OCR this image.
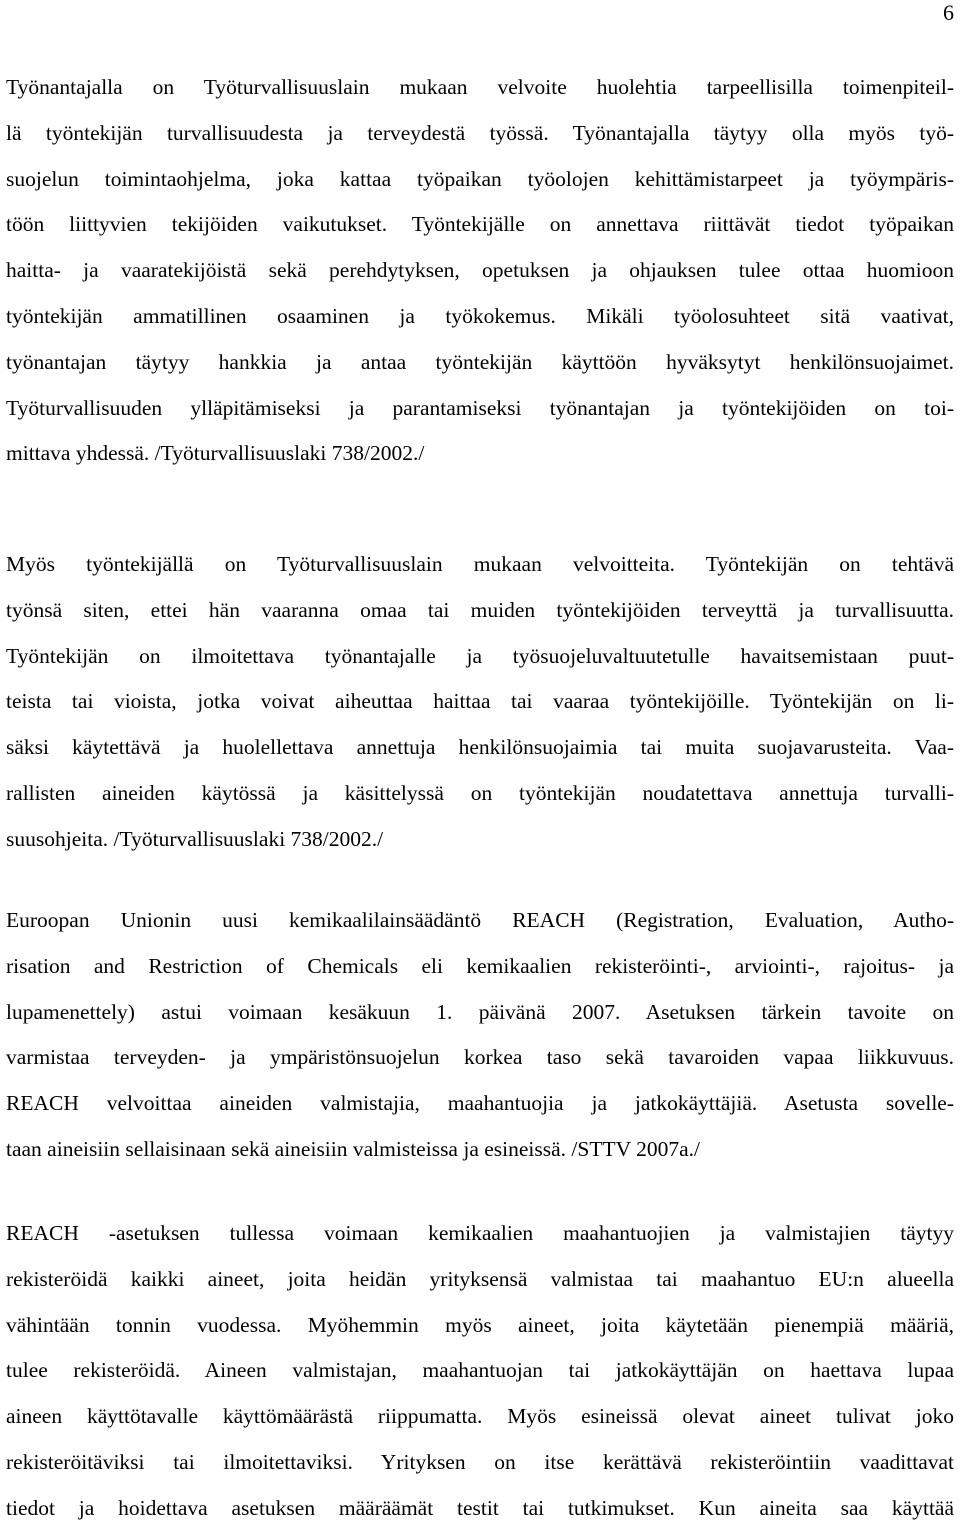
6
Työnantajalla on Työturvallisuuslain mukaan velvoite huolehtia tarpeellisilla toimenpiteil-
lä työntekijän turvallisuudesta ja terveydestä työssä. Työnantajalla täytyy olla myös työ-
suojelun toimintaohjelma, joka kattaa työpaikan työolojen kehittämistarpeet ja työympäris-
töön liittyvien tekijöiden vaikutukset. Työntekijälle on annettava riittävät tiedot työpaikan
haitta- ja vaaratekijöistä sekä perehdytyksen, opetuksen ja ohjauksen tulee ottaa huomioon
työntekijän ammatillinen osaaminen ja työkokemus. Mikäli työolosuhteet sitä vaativat,
työnantajan täytyy hankkia ja antaa työntekijän käyttöön hyväksytyt henkilönsuojaimet.
Työturvallisuuden ylläpitämiseksi ja parantamiseksi työnantajan ja työntekijöiden on toi-
mittava yhdessä. /Työturvallisuuslaki 738/2002./
Myös työntekijällä on Työturvallisuuslain mukaan velvoitteita. Työntekijän on tehtävä
työnsä siten, ettei hän vaaranna omaa tai muiden työntekijöiden terveyttä ja turvallisuutta.
Työntekijän on ilmoitettava työnantajalle ja työsuojeluvaltuutetulle havaitsemistaan puut-
teista tai vioista, jotka voivat aiheuttaa haittaa tai vaaraa työntekijöille. Työntekijän on li-
säksi käytettävä ja huolellettava annettuja henkilönsuojaimia tai muita suojavarusteita. Vaa-
rallisten aineiden käytössä ja käsittelyssä on työntekijän noudatettava annettuja turvalli-
suusohjeita. /Työturvallisuuslaki 738/2002./
Euroopan Unionin uusi kemikaalilainsäädäntö REACH (Registration, Evaluation, Autho-
risation and Restriction of Chemicals eli kemikaalien rekisteröinti-, arviointi-, rajoitus- ja
lupamenettely) astui voimaan kesäkuun 1. päivänä 2007. Asetuksen tärkein tavoite on
varmistaa terveyden- ja ympäristönsuojelun korkea taso sekä tavaroiden vapaa liikkuvuus.
REACH velvoittaa aineiden valmistajia, maahantuojia ja jatkokäyttäjiä. Asetusta sovelle-
taan aineisiin sellaisinaan sekä aineisiin valmisteissa ja esineissä. /STTV 2007a./
REACH -asetuksen tullessa voimaan kemikaalien maahantuojien ja valmistajien täytyy
rekisteröidä kaikki aineet, joita heidän yrityksensä valmistaa tai maahantuo EU:n alueella
vähintään tonnin vuodessa. Myöhemmin myös aineet, joita käytetään pienempiä määriä,
tulee rekisteröidä. Aineen valmistajan, maahantuojan tai jatkokäyttäjän on haettava lupaa
aineen käyttötavalle käyttömäärästä riippumatta. Myös esineissä olevat aineet tulivat joko
rekisteröitäviksi tai ilmoitettaviksi. Yrityksen on itse kerättävä rekisteröintiin vaadittavat
tiedot ja hoidettava asetuksen määräämät testit tai tutkimukset. Kun aineita saa käyttää
